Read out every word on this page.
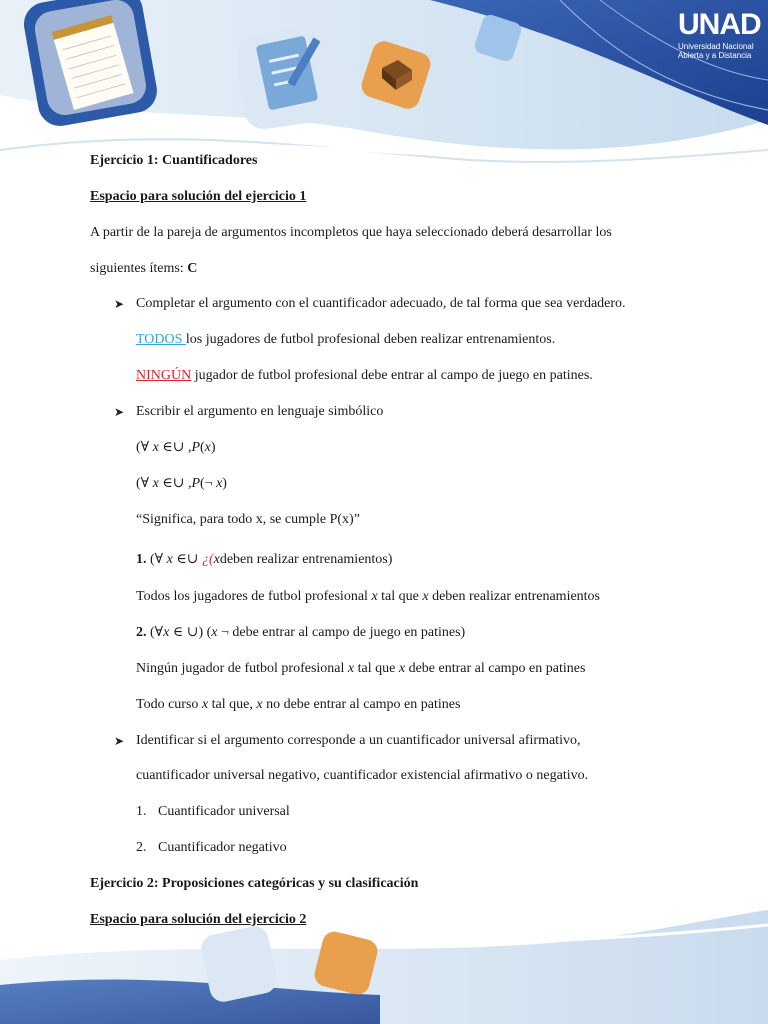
UNAD
Universidad Nacional
Abierta y a Distancia
Ejercicio 1: Cuantificadores
Espacio para solución del ejercicio 1
A partir de la pareja de argumentos incompletos que haya seleccionado deberá desarrollar los
siguientes ítems: C
➤ Completar el argumento con el cuantificador adecuado, de tal forma que sea verdadero.
TODOS los jugadores de futbol profesional deben realizar entrenamientos.
NINGÚN jugador de futbol profesional debe entrar al campo de juego en patines.
➤ Escribir el argumento en lenguaje simbólico
(∀ x ∈∪ ,P(x)
(∀ x ∈∪ ,P(¬ x)
“Significa, para todo x, se cumple P(x)”
1. (∀ x ∈∪ ¿(xdeben realizar entrenamientos)
Todos los jugadores de futbol profesional x tal que x deben realizar entrenamientos
2. (∀x ∈ ∪) (x ¬ debe entrar al campo de juego en patines)
Ningún jugador de futbol profesional x tal que x debe entrar al campo en patines
Todo curso x tal que, x no debe entrar al campo en patines
➤ Identificar si el argumento corresponde a un cuantificador universal afirmativo,
cuantificador universal negativo, cuantificador existencial afirmativo o negativo.
1. Cuantificador universal
2. Cuantificador negativo
Ejercicio 2: Proposiciones categóricas y su clasificación
Espacio para solución del ejercicio 2
